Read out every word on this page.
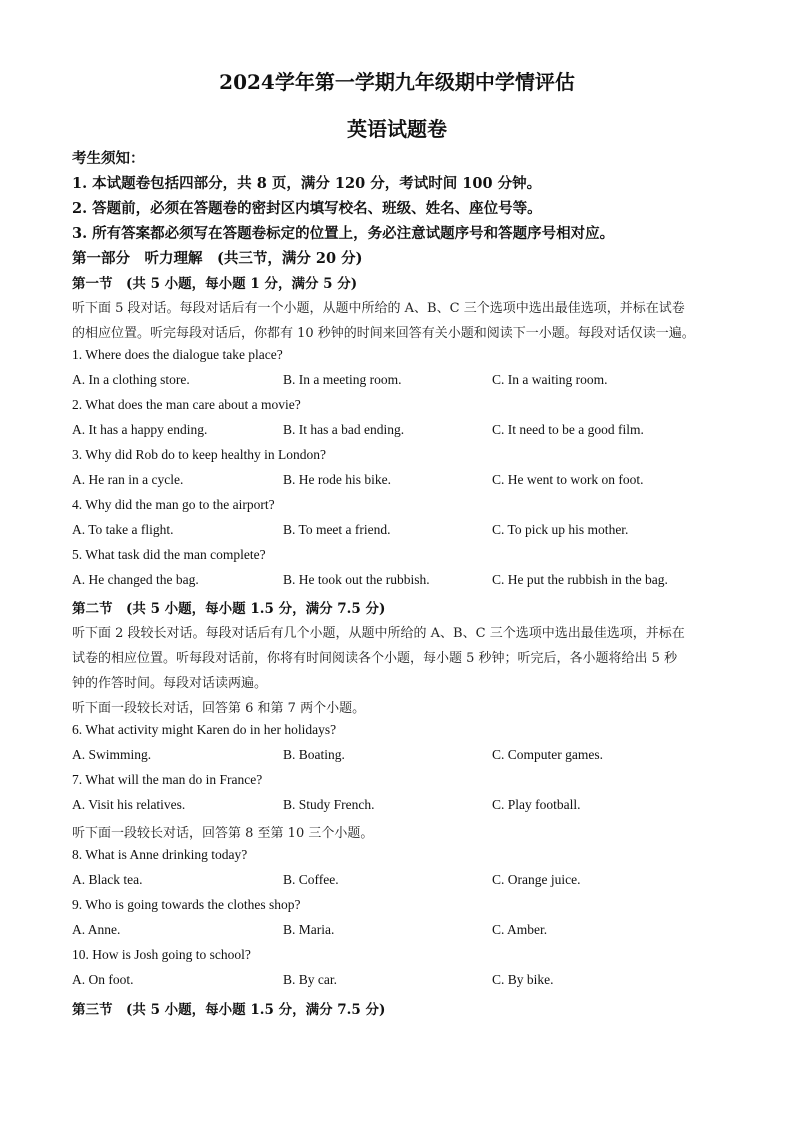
2024学年第一学期九年级期中学情评估
英语试题卷
考生须知：
1. 本试题卷包括四部分，共 8 页，满分 120 分，考试时间 100 分钟。
2. 答题前，必须在答题卷的密封区内填写校名、班级、姓名、座位号等。
3. 所有答案都必须写在答题卷标定的位置上，务必注意试题序号和答题序号相对应。
第一部分　听力理解　(共三节，满分 20 分)
第一节　(共 5 小题，每小题 1 分，满分 5 分)
听下面 5 段对话。每段对话后有一个小题，从题中所给的 A、B、C 三个选项中选出最佳选项，并标在试卷
的相应位置。听完每段对话后，你都有 10 秒钟的时间来回答有关小题和阅读下一小题。每段对话仅读一遍。
1. Where does the dialogue take place?
A. In a clothing store.	B. In a meeting room.	C. In a waiting room.
2. What does the man care about a movie?
A. It has a happy ending.	B. It has a bad ending.	C. It need to be a good film.
3. Why did Rob do to keep healthy in London?
A. He ran in a cycle.	B. He rode his bike.	C. He went to work on foot.
4. Why did the man go to the airport?
A. To take a flight.	B. To meet a friend.	C. To pick up his mother.
5. What task did the man complete?
A. He changed the bag.	B. He took out the rubbish.	C. He put the rubbish in the bag.
第二节　(共 5 小题，每小题 1.5 分，满分 7.5 分)
听下面 2 段较长对话。每段对话后有几个小题，从题中所给的 A、B、C 三个选项中选出最佳选项，并标在
试卷的相应位置。听每段对话前，你将有时间阅读各个小题，每小题 5 秒钟；听完后，各小题将给出 5 秒
钟的作答时间。每段对话读两遍。
听下面一段较长对话，回答第 6 和第 7 两个小题。
6. What activity might Karen do in her holidays?
A. Swimming.	B. Boating.	C. Computer games.
7. What will the man do in France?
A. Visit his relatives.	B. Study French.	C. Play football.
听下面一段较长对话，回答第 8 至第 10 三个小题。
8. What is Anne drinking today?
A. Black tea.	B. Coffee.	C. Orange juice.
9. Who is going towards the clothes shop?
A. Anne.	B. Maria.	C. Amber.
10. How is Josh going to school?
A. On foot.	B. By car.	C. By bike.
第三节　(共 5 小题，每小题 1.5 分，满分 7.5 分)
